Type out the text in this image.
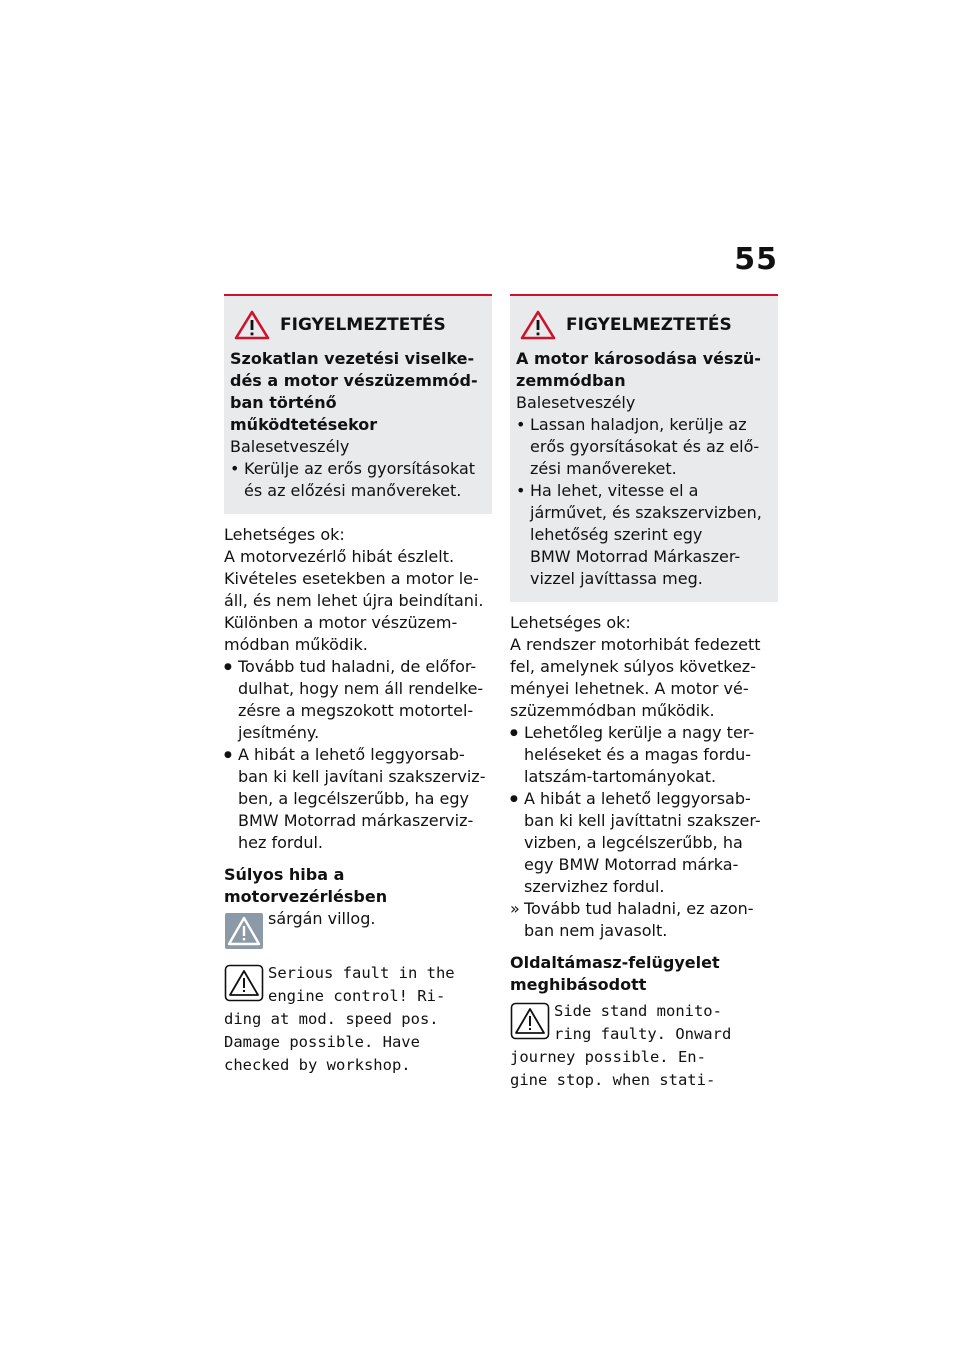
55
FIGYELMEZTETÉS
Szokatlan vezetési viselke-
dés a motor vészüzemmód-
ban történő működtetésekor
Balesetveszély
• Kerülje az erős gyorsításokat
és az előzési manővereket.
Lehetséges ok:
A motorvezérlő hibát észlelt.
Kivételes esetekben a motor le-
áll, és nem lehet újra beindítani.
Különben a motor vészüzem-
módban működik.
● Tovább tud haladni, de előfor-
dulhat, hogy nem áll rendelke-
zésre a megszokott motortel-
jesítmény.
● A hibát a lehető leggyorsab-
ban ki kell javítani szakszerviz-
ben, a legcélszerűbb, ha egy
BMW Motorrad márkaszerviz-
hez fordul.
Súlyos hiba a
motorvezérlésben
sárgán villog.
Serious fault in the
engine control! Ri-
ding at mod. speed pos.
Damage possible. Have
checked by workshop.
FIGYELMEZTETÉS
A motor károsodása vészü-
zemmódban
Balesetveszély
• Lassan haladjon, kerülje az
erős gyorsításokat és az elő-
zési manővereket.
• Ha lehet, vitesse el a
járművet, és szakszervizben,
lehetőség szerint egy
BMW Motorrad Márkaszer-
vizzel javíttassa meg.
Lehetséges ok:
A rendszer motorhibát fedezett
fel, amelynek súlyos következ-
ményei lehetnek. A motor vé-
szüzemmódban működik.
● Lehetőleg kerülje a nagy ter-
heléseket és a magas fordu-
latszám-tartományokat.
● A hibát a lehető leggyorsab-
ban ki kell javíttatni szakszer-
vizben, a legcélszerűbb, ha
egy BMW Motorrad márka-
szervizhez fordul.
» Tovább tud haladni, ez azon-
ban nem javasolt.
Oldaltámasz-felügyelet
meghibásodott
Side stand monito-
ring faulty. Onward
journey possible. En-
gine stop. when stati-
